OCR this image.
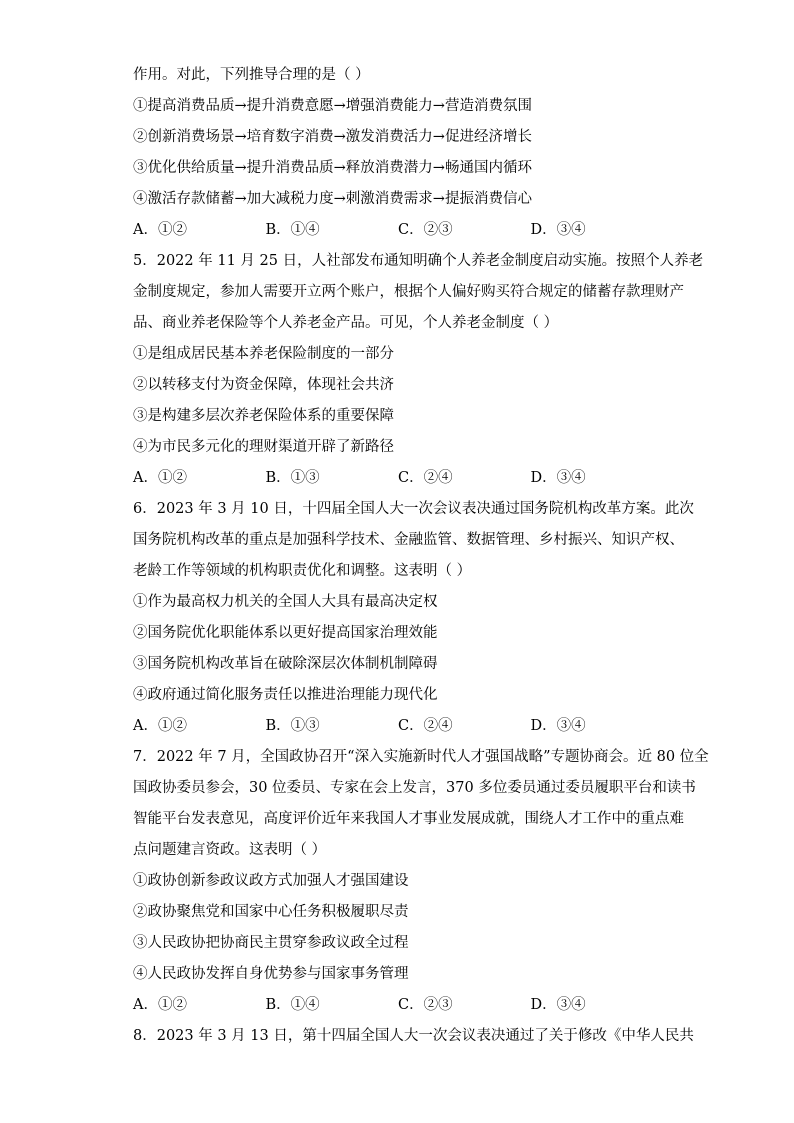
作用。对此，下列推导合理的是（ ）
①提高消费品质→提升消费意愿→增强消费能力→营造消费氛围
②创新消费场景→培育数字消费→激发消费活力→促进经济增长
③优化供给质量→提升消费品质→释放消费潜力→畅通国内循环
④激活存款储蓄→加大减税力度→刺激消费需求→提振消费信心
A．①②	B．①④	C．②③	D．③④
5．2022 年 11 月 25 日，人社部发布通知明确个人养老金制度启动实施。按照个人养老
金制度规定，参加人需要开立两个账户，根据个人偏好购买符合规定的储蓄存款理财产
品、商业养老保险等个人养老金产品。可见，个人养老金制度（ ）
①是组成居民基本养老保险制度的一部分
②以转移支付为资金保障，体现社会共济
③是构建多层次养老保险体系的重要保障
④为市民多元化的理财渠道开辟了新路径
A．①②	B．①③	C．②④	D．③④
6．2023 年 3 月 10 日，十四届全国人大一次会议表决通过国务院机构改革方案。此次
国务院机构改革的重点是加强科学技术、金融监管、数据管理、乡村振兴、知识产权、
老龄工作等领域的机构职责优化和调整。这表明（ ）
①作为最高权力机关的全国人大具有最高决定权
②国务院优化职能体系以更好提高国家治理效能
③国务院机构改革旨在破除深层次体制机制障碍
④政府通过简化服务责任以推进治理能力现代化
A．①②	B．①③	C．②④	D．③④
7．2022 年 7 月，全国政协召开“深入实施新时代人才强国战略”专题协商会。近 80 位全
国政协委员参会，30 位委员、专家在会上发言，370 多位委员通过委员履职平台和读书
智能平台发表意见，高度评价近年来我国人才事业发展成就，围绕人才工作中的重点难
点问题建言资政。这表明（ ）
①政协创新参政议政方式加强人才强国建设
②政协聚焦党和国家中心任务积极履职尽责
③人民政协把协商民主贯穿参政议政全过程
④人民政协发挥自身优势参与国家事务管理
A．①②	B．①④	C．②③	D．③④
8．2023 年 3 月 13 日，第十四届全国人大一次会议表决通过了关于修改《中华人民共
